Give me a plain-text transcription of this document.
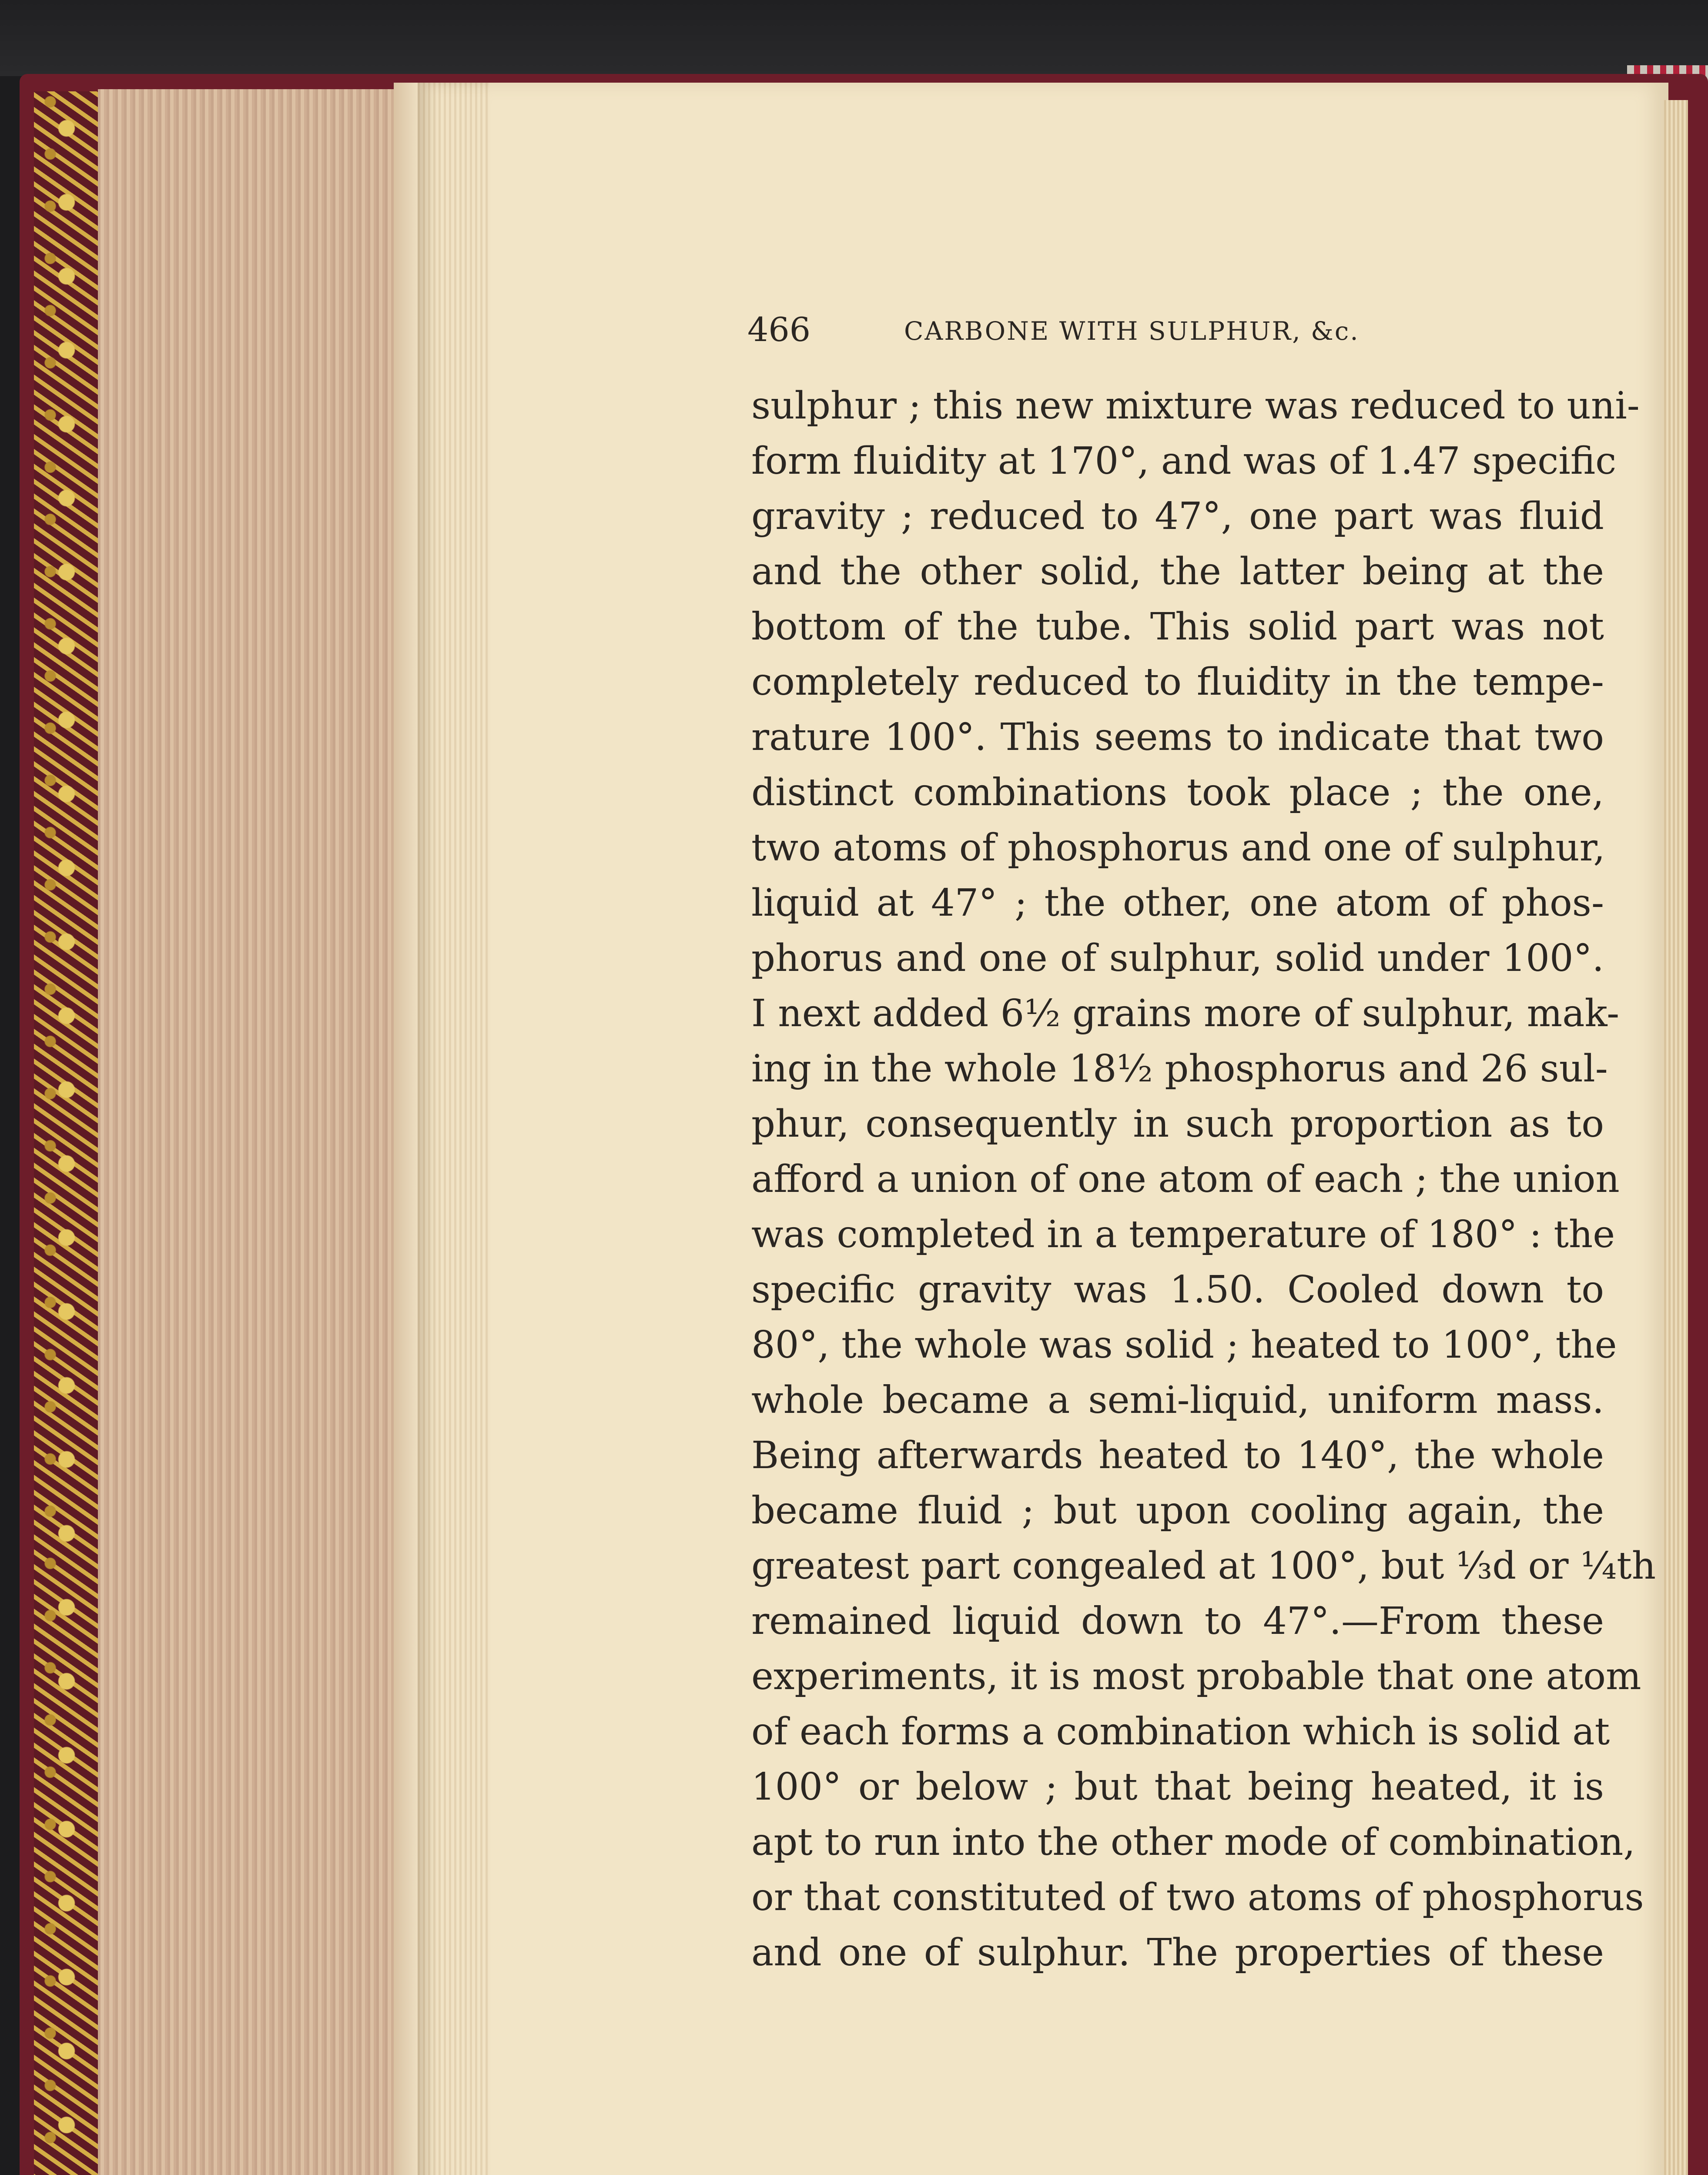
466	CARBONE WITH SULPHUR, &c.
sulphur ; this new mixture was reduced to uni-
form fluidity at 170°, and was of 1.47 specific
gravity ; reduced to 47°, one part was fluid
and the other solid, the latter being at the
bottom of the tube. This solid part was not
completely reduced to fluidity in the tempe-
rature 100°. This seems to indicate that two
distinct combinations took place ; the one,
two atoms of phosphorus and one of sulphur,
liquid at 47° ; the other, one atom of phos-
phorus and one of sulphur, solid under 100°.
I next added 6½ grains more of sulphur, mak-
ing in the whole 18½ phosphorus and 26 sul-
phur, consequently in such proportion as to
afford a union of one atom of each ; the union
was completed in a temperature of 180° : the
specific gravity was 1.50. Cooled down to
80°, the whole was solid ; heated to 100°, the
whole became a semi-liquid, uniform mass.
Being afterwards heated to 140°, the whole
became fluid ; but upon cooling again, the
greatest part congealed at 100°, but ⅓d or ¼th
remained liquid down to 47°.—From these
experiments, it is most probable that one atom
of each forms a combination which is solid at
100° or below ; but that being heated, it is
apt to run into the other mode of combination,
or that constituted of two atoms of phosphorus
and one of sulphur. The properties of these
